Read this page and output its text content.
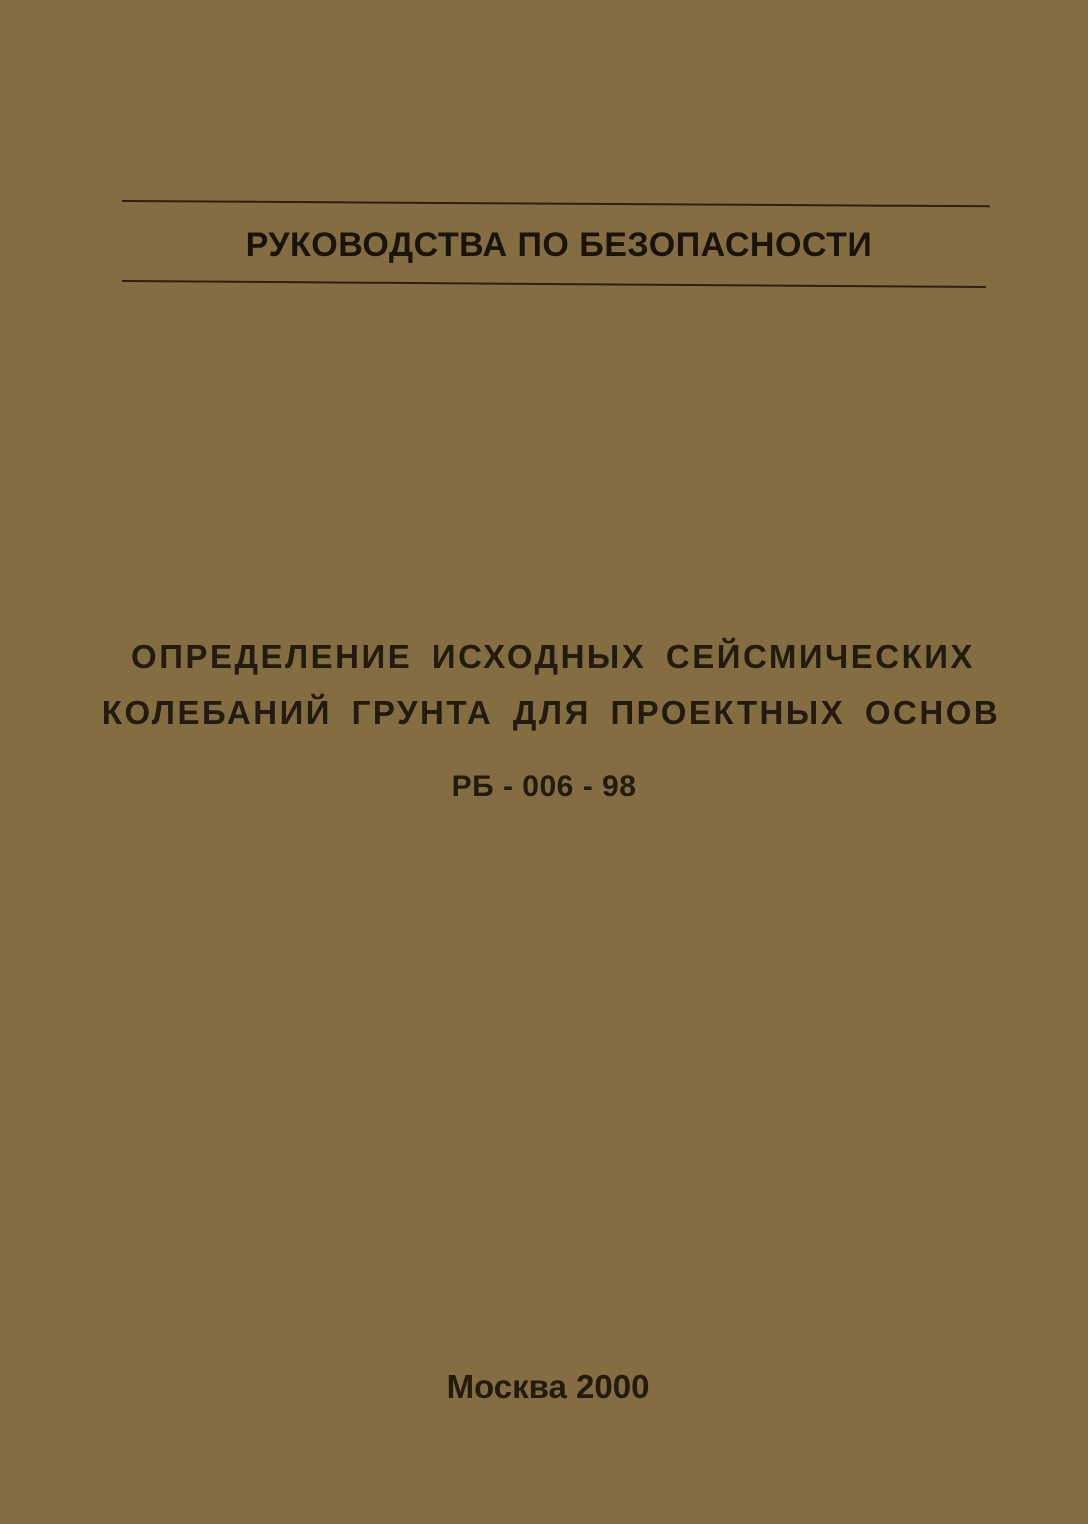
РУКОВОДСТВА ПО БЕЗОПАСНОСТИ
ОПРЕДЕЛЕНИЕ ИСХОДНЫХ СЕЙСМИЧЕСКИХ
КОЛЕБАНИЙ ГРУНТА ДЛЯ ПРОЕКТНЫХ ОСНОВ
РБ - 006 - 98
Москва 2000
